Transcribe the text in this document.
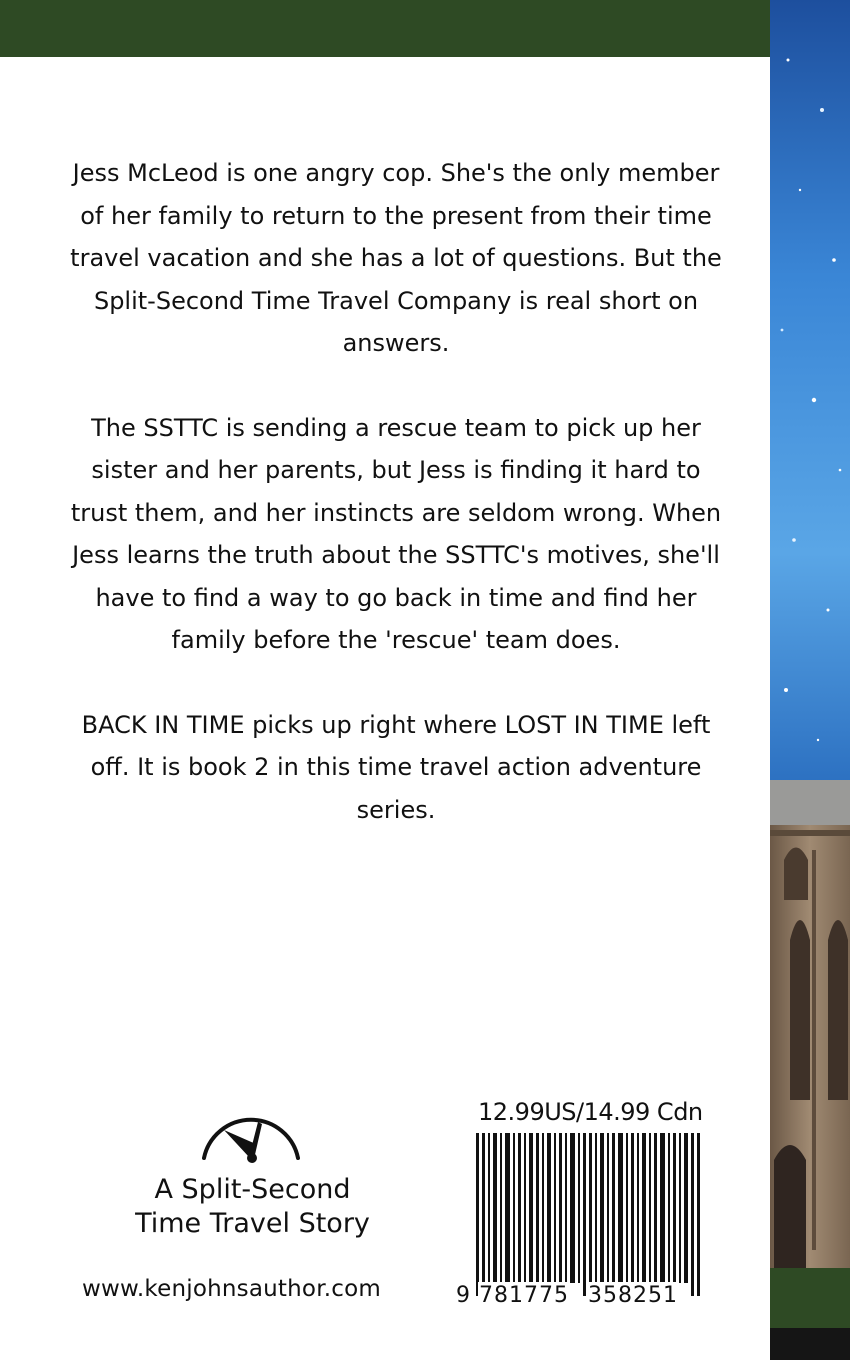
Jess McLeod is one angry cop. She's the only member of her family to return to the present from their time travel vacation and she has a lot of questions. But the Split-Second Time Travel Company is real short on answers.

The SSTTC is sending a rescue team to pick up her sister and her parents, but Jess is finding it hard to trust them, and her instincts are seldom wrong. When Jess learns the truth about the SSTTC's motives, she'll have to find a way to go back in time and find her family before the 'rescue' team does.

BACK IN TIME picks up right where LOST IN TIME left off. It is book 2 in this time travel action adventure series.

A Split-Second
Time Travel Story
www.kenjohnsauthor.com
12.99US/14.99 Cdn
9 781775 358251
